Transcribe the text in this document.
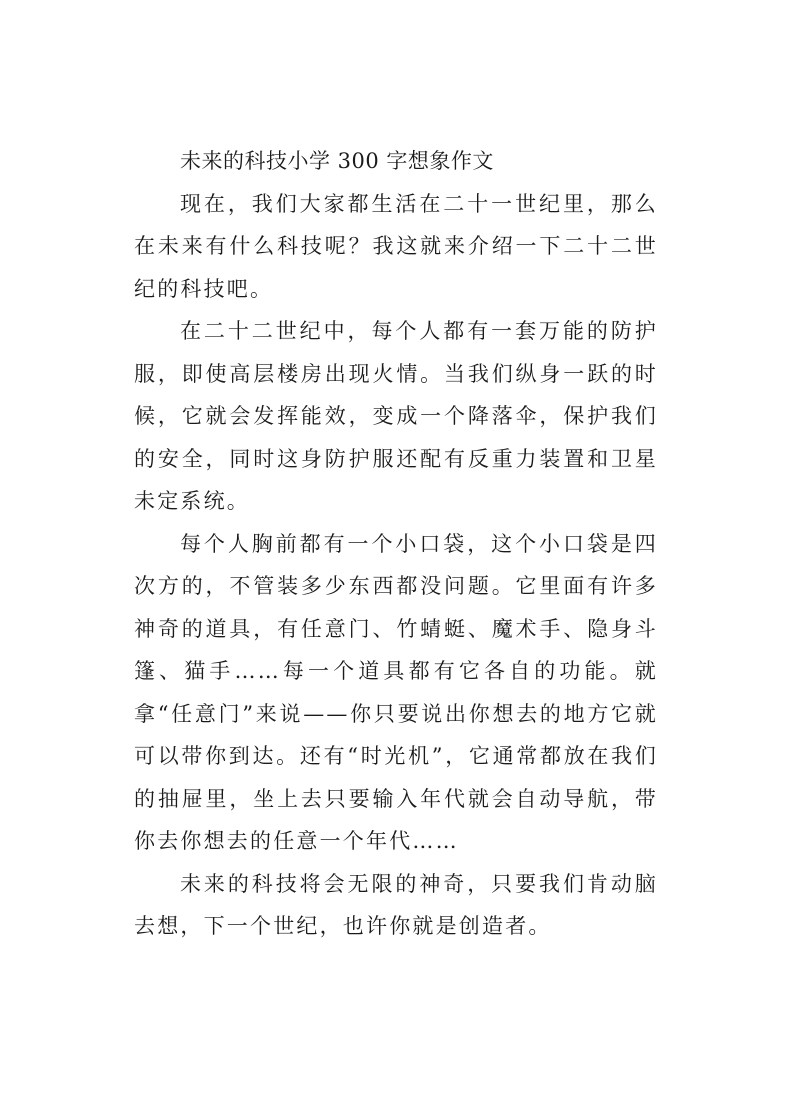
未来的科技小学 300 字想象作文

现在，我们大家都生活在二十一世纪里，那么在未来有什么科技呢？我这就来介绍一下二十二世纪的科技吧。

在二十二世纪中，每个人都有一套万能的防护服，即使高层楼房出现火情。当我们纵身一跃的时候，它就会发挥能效，变成一个降落伞，保护我们的安全，同时这身防护服还配有反重力装置和卫星未定系统。

每个人胸前都有一个小口袋，这个小口袋是四次方的，不管装多少东西都没问题。它里面有许多神奇的道具，有任意门、竹蜻蜓、魔术手、隐身斗篷、猫手……每一个道具都有它各自的功能。就拿“任意门”来说——你只要说出你想去的地方它就可以带你到达。还有“时光机”，它通常都放在我们的抽屉里，坐上去只要输入年代就会自动导航，带你去你想去的任意一个年代……

未来的科技将会无限的神奇，只要我们肯动脑去想，下一个世纪，也许你就是创造者。
